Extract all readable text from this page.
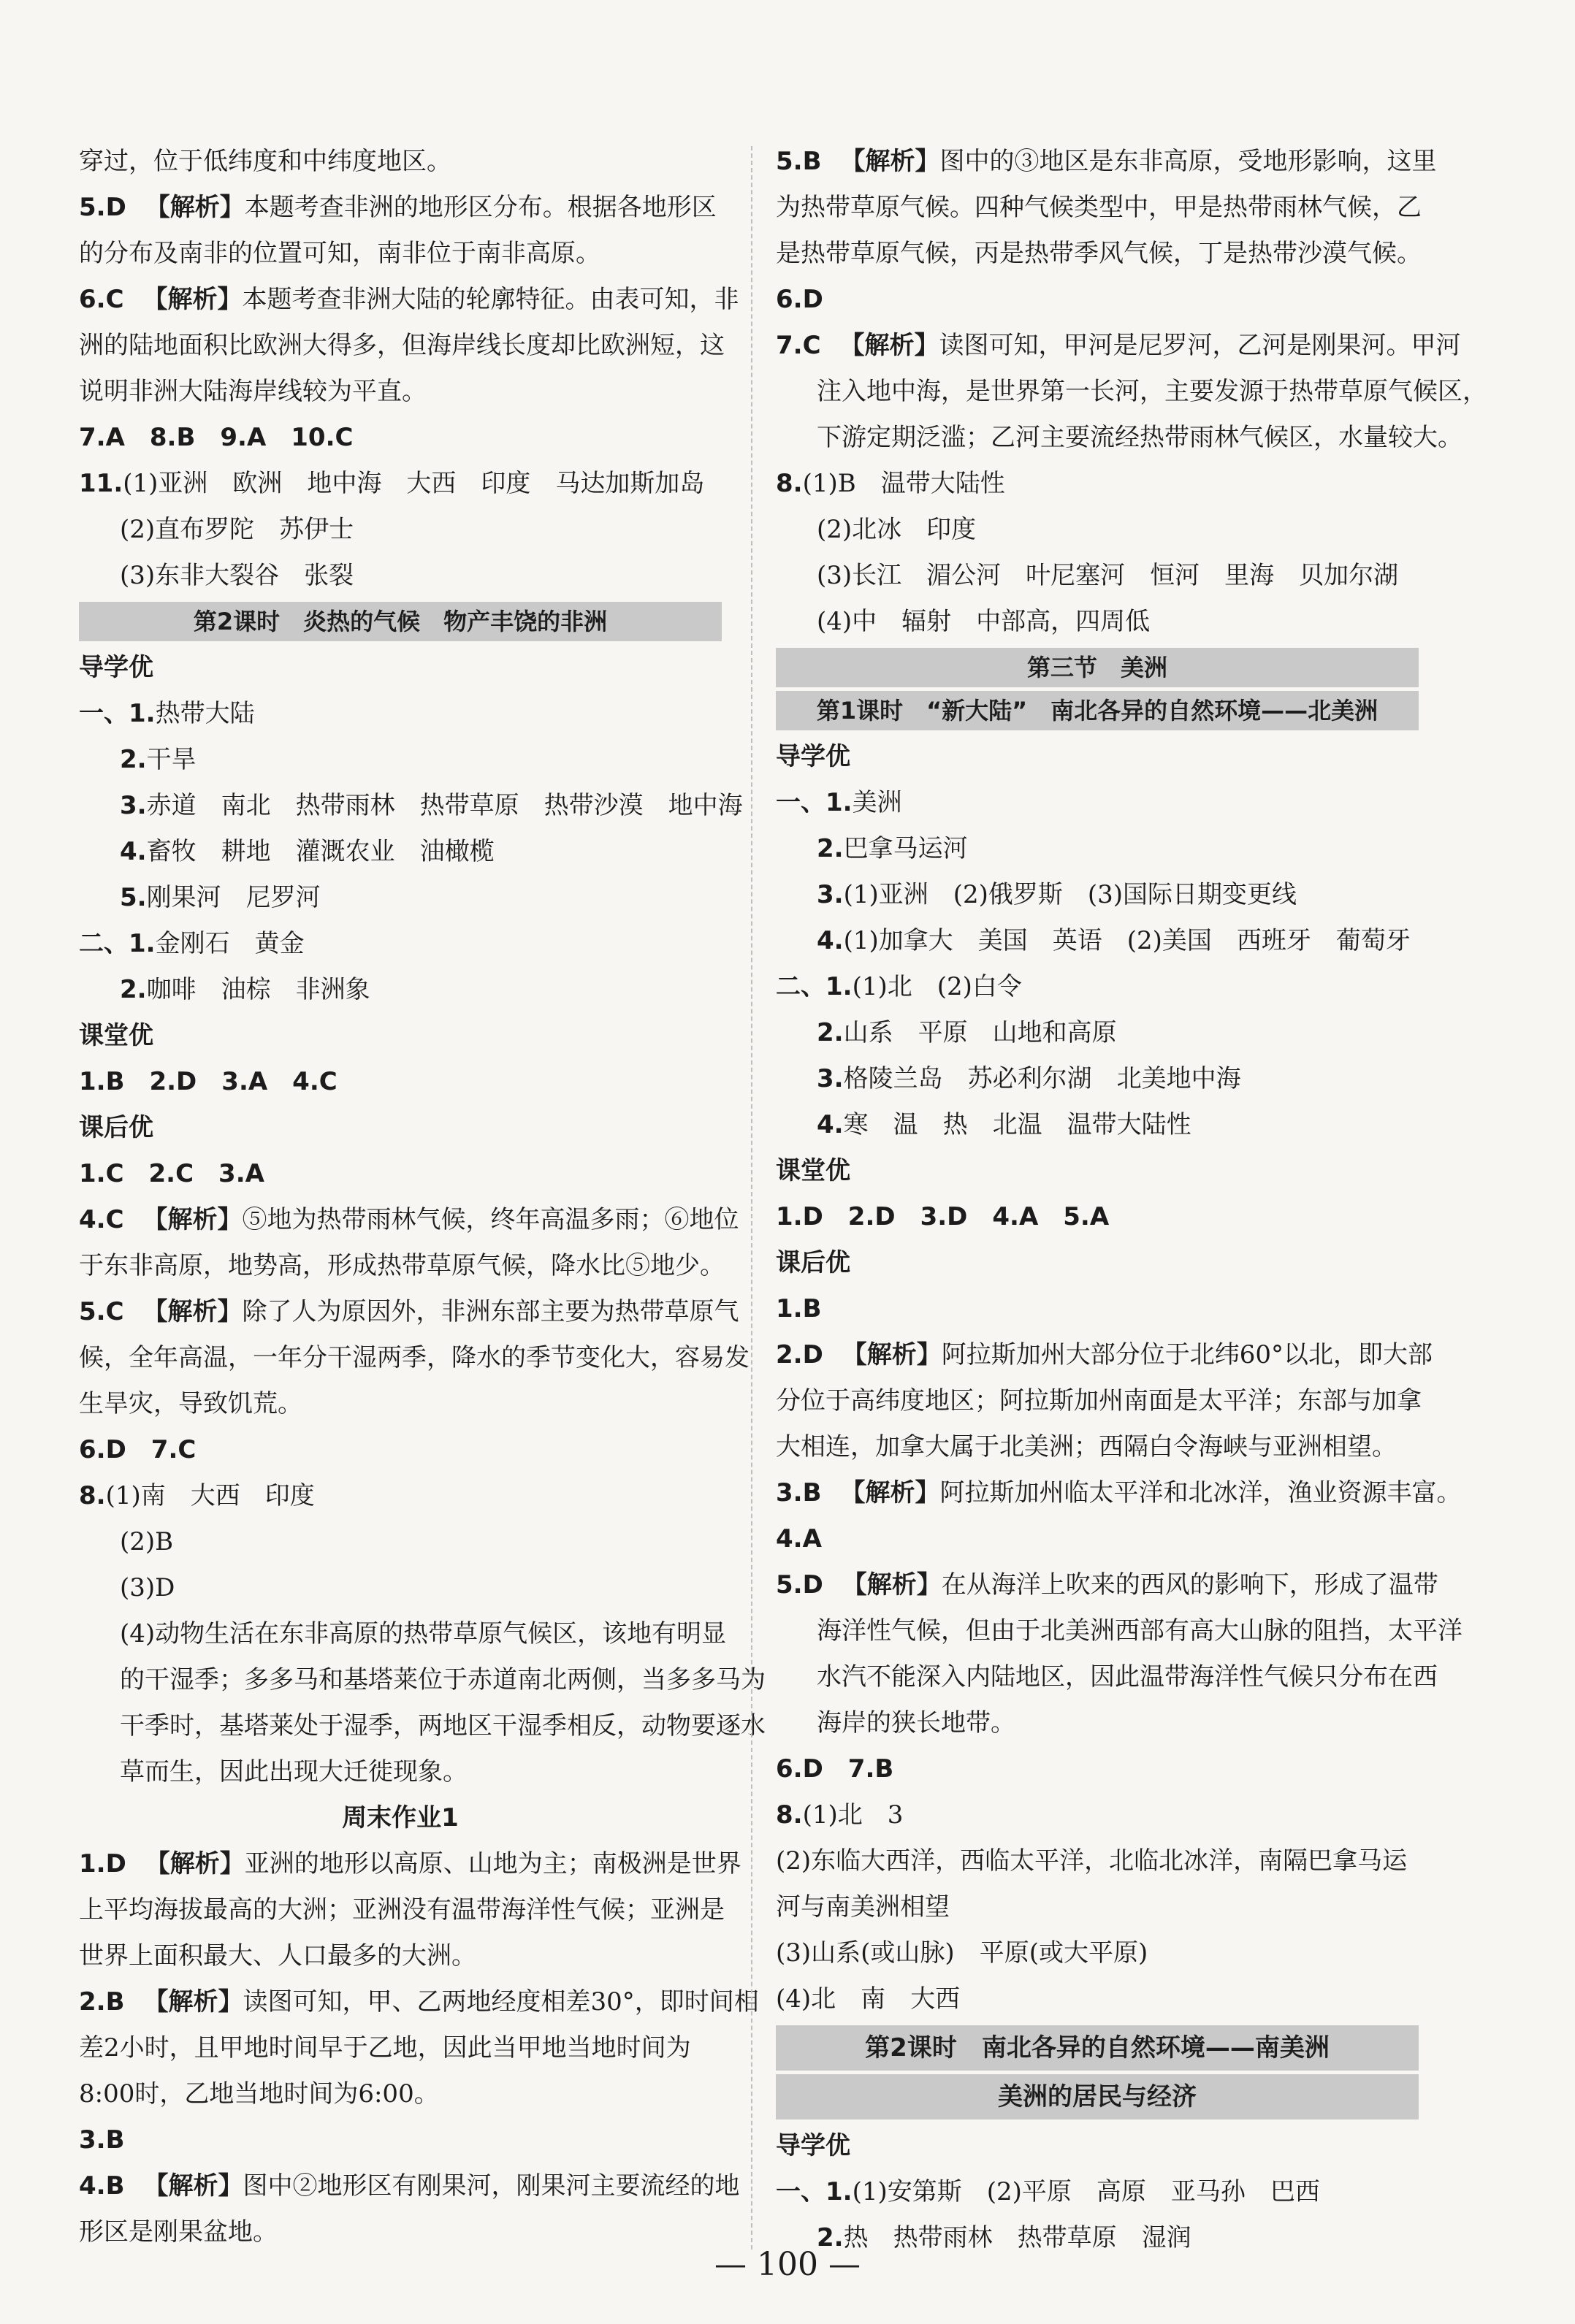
穿过，位于低纬度和中纬度地区。
5.D 【解析】本题考查非洲的地形区分布。根据各地形区
的分布及南非的位置可知，南非位于南非高原。
6.C 【解析】本题考查非洲大陆的轮廓特征。由表可知，非
洲的陆地面积比欧洲大得多，但海岸线长度却比欧洲短，这
说明非洲大陆海岸线较为平直。
7.A　8.B　9.A　10.C
11.(1)亚洲　欧洲　地中海　大西　印度　马达加斯加岛
(2)直布罗陀　苏伊士
(3)东非大裂谷　张裂
第2课时　炎热的气候　物产丰饶的非洲
导学优
一、1.热带大陆
2.干旱
3.赤道　南北　热带雨林　热带草原　热带沙漠　地中海
4.畜牧　耕地　灌溉农业　油橄榄
5.刚果河　尼罗河
二、1.金刚石　黄金
2.咖啡　油棕　非洲象
课堂优
1.B　2.D　3.A　4.C
课后优
1.C　2.C　3.A
4.C 【解析】⑤地为热带雨林气候，终年高温多雨；⑥地位
于东非高原，地势高，形成热带草原气候，降水比⑤地少。
5.C 【解析】除了人为原因外，非洲东部主要为热带草原气
候，全年高温，一年分干湿两季，降水的季节变化大，容易发
生旱灾，导致饥荒。
6.D　7.C
8.(1)南　大西　印度
(2)B
(3)D
(4)动物生活在东非高原的热带草原气候区，该地有明显
的干湿季；多多马和基塔莱位于赤道南北两侧，当多多马为
干季时，基塔莱处于湿季，两地区干湿季相反，动物要逐水
草而生，因此出现大迁徙现象。
周末作业1
1.D 【解析】亚洲的地形以高原、山地为主；南极洲是世界
上平均海拔最高的大洲；亚洲没有温带海洋性气候；亚洲是
世界上面积最大、人口最多的大洲。
2.B 【解析】读图可知，甲、乙两地经度相差30°，即时间相
差2小时，且甲地时间早于乙地，因此当甲地当地时间为
8:00时，乙地当地时间为6:00。
3.B
4.B 【解析】图中②地形区有刚果河，刚果河主要流经的地
形区是刚果盆地。
5.B 【解析】图中的③地区是东非高原，受地形影响，这里
为热带草原气候。四种气候类型中，甲是热带雨林气候，乙
是热带草原气候，丙是热带季风气候，丁是热带沙漠气候。
6.D
7.C 【解析】读图可知，甲河是尼罗河，乙河是刚果河。甲河
注入地中海，是世界第一长河，主要发源于热带草原气候区，
下游定期泛滥；乙河主要流经热带雨林气候区，水量较大。
8.(1)B　温带大陆性
(2)北冰　印度
(3)长江　湄公河　叶尼塞河　恒河　里海　贝加尔湖
(4)中　辐射　中部高，四周低
第三节　美洲
第1课时　“新大陆”　南北各异的自然环境——北美洲
导学优
一、1.美洲
2.巴拿马运河
3.(1)亚洲　(2)俄罗斯　(3)国际日期变更线
4.(1)加拿大　美国　英语　(2)美国　西班牙　葡萄牙
二、1.(1)北　(2)白令
2.山系　平原　山地和高原
3.格陵兰岛　苏必利尔湖　北美地中海
4.寒　温　热　北温　温带大陆性
课堂优
1.D　2.D　3.D　4.A　5.A
课后优
1.B
2.D 【解析】阿拉斯加州大部分位于北纬60°以北，即大部
分位于高纬度地区；阿拉斯加州南面是太平洋；东部与加拿
大相连，加拿大属于北美洲；西隔白令海峡与亚洲相望。
3.B 【解析】阿拉斯加州临太平洋和北冰洋，渔业资源丰富。
4.A
5.D 【解析】在从海洋上吹来的西风的影响下，形成了温带
海洋性气候，但由于北美洲西部有高大山脉的阻挡，太平洋
水汽不能深入内陆地区，因此温带海洋性气候只分布在西
海岸的狭长地带。
6.D　7.B
8.(1)北　3
(2)东临大西洋，西临太平洋，北临北冰洋，南隔巴拿马运
河与南美洲相望
(3)山系(或山脉)　平原(或大平原)
(4)北　南　大西
第2课时　南北各异的自然环境——南美洲
美洲的居民与经济
导学优
一、1.(1)安第斯　(2)平原　高原　亚马孙　巴西
2.热　热带雨林　热带草原　湿润
— 100 —
